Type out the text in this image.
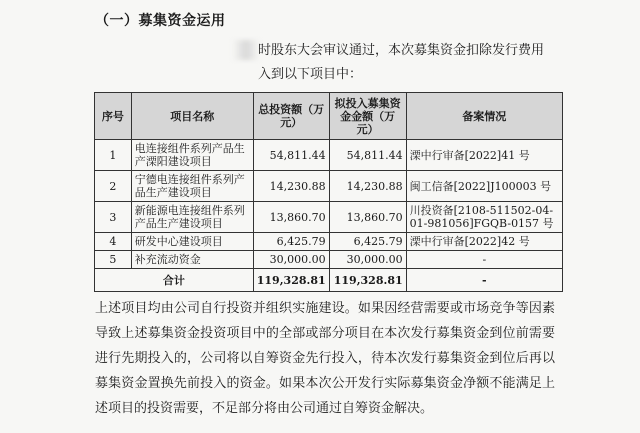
（一）募集资金运用
时股东大会审议通过，本次募集资金扣除发行费用
入到以下项目中：
序号	项目名称	总投资额（万元）	拟投入募集资金金额（万元）	备案情况
1	电连接组件系列产品生产溧阳建设项目	54,811.44	54,811.44	溧中行审备[2022]41 号
2	宁德电连接组件系列产品生产建设项目	14,230.88	14,230.88	闽工信备[2022]J100003 号
3	新能源电连接组件系列产品生产建设项目	13,860.70	13,860.70	川投资备[2108-511502-04-01-981056]FGQB-0157 号
4	研发中心建设项目	6,425.79	6,425.79	溧中行审备[2022]42 号
5	补充流动资金	30,000.00	30,000.00	-
合计		119,328.81	119,328.81	-
上述项目均由公司自行投资并组织实施建设。如果因经营需要或市场竞争等因素导致上述募集资金投资项目中的全部或部分项目在本次发行募集资金到位前需要进行先期投入的，公司将以自筹资金先行投入，待本次发行募集资金到位后再以募集资金置换先前投入的资金。如果本次公开发行实际募集资金净额不能满足上述项目的投资需要，不足部分将由公司通过自筹资金解决。
